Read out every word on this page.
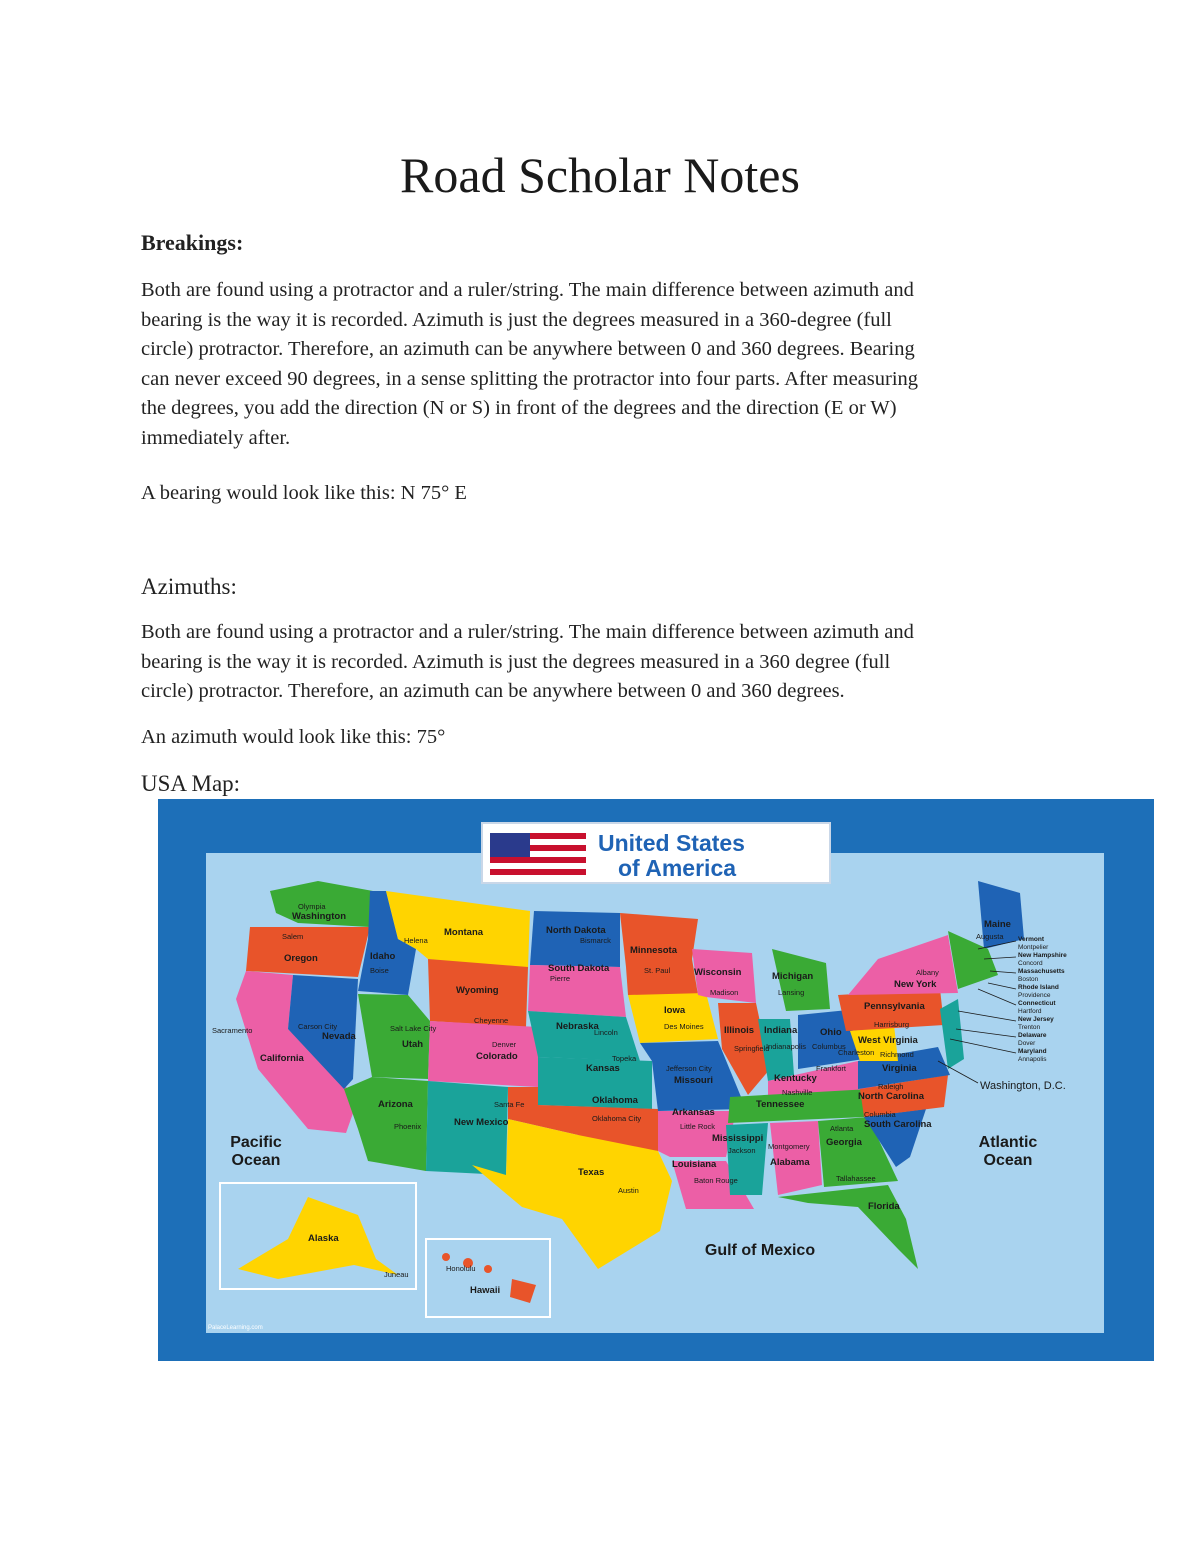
Road Scholar Notes
Breakings:
Both are found using a protractor and a ruler/string. The main difference between azimuth and
bearing is the way it is recorded. Azimuth is just the degrees measured in a 360-degree (full
circle) protractor. Therefore, an azimuth can be anywhere between 0 and 360 degrees. Bearing
can never exceed 90 degrees, in a sense splitting the protractor into four parts. After measuring
the degrees, you add the direction (N or S) in front of the degrees and the direction (E or W)
immediately after.

A bearing would look like this: N 75° E

Azimuths:
Both are found using a protractor and a ruler/string. The main difference between azimuth and
bearing is the way it is recorded. Azimuth is just the degrees measured in a 360 degree (full
circle) protractor. Therefore, an azimuth can be anywhere between 0 and 360 degrees.

An azimuth would look like this: 75°

USA Map:
United States
of America
Washington
Oregon
California
Nevada
Idaho
Montana
Wyoming
Utah
Colorado
Arizona
New Mexico
North Dakota
South Dakota
Nebraska
Kansas
Oklahoma
Texas
Minnesota
Iowa
Missouri
Arkansas
Louisiana
Wisconsin
Illinois
Michigan
Indiana Ohio
Kentucky
Tennessee
Mississippi
Alabama
Georgia
Florida
South Carolina
North Carolina
Virginia
West Virginia
Pennsylvania
New York
Maine
Alaska
Hawaii
Olympia
Salem
Sacramento	Carson City
Boise
Helena
Cheyenne
Salt Lake City
Denver
Phoenix
Santa Fe
Bismarck
Pierre
Lincoln
Topeka
Oklahoma City
Austin
St. Paul
Des Moines
Jefferson City
Little Rock
Baton Rouge
Madison
Springfield
Lansing
Indianapolis Columbus
Frankfort
Nashville
Jackson Montgomery
Atlanta
Tallahassee
Columbia
Raleigh
Richmond
Charleston
Harrisburg
Albany
Augusta
Juneau
Honolulu
Vermont
Montpelier
New Hampshire
Concord
Massachusetts
Boston
Rhode Island
Providence
Connecticut
Hartford
New Jersey
Trenton
Delaware
Dover
Maryland
Annapolis
Washington, D.C.
Pacific
Ocean
Atlantic
Ocean
Gulf of Mexico
PalaceLearning.com
